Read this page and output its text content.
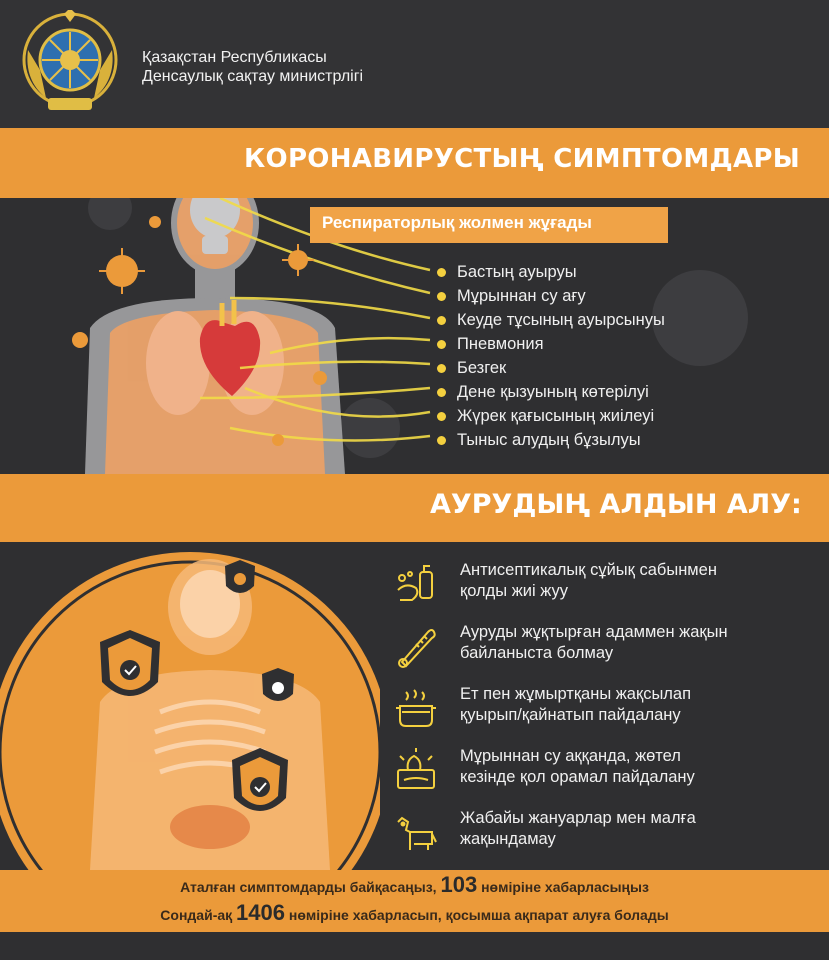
Қазақстан Республикасы
Денсаулық сақтау министрлігі
КОРОНАВИРУСТЫҢ СИМПТОМДАРЫ
Респираторлық жолмен жұғады
Бастың ауыруы
Мұрыннан су ағу
Кеуде тұсының ауырсынуы
Пневмония
Безгек
Дене қызуының көтерілуі
Жүрек қағысының жиілеуі
Тыныс алудың бұзылуы
АУРУДЫҢ АЛДЫН АЛУ:
Антисептикалық сұйық сабынмен
қолды жиі жуу
Ауруды жұқтырған адаммен жақын
байланыста болмау
Ет пен жұмыртқаны жақсылап
қуырып/қайнатып пайдалану
Мұрыннан су аққанда, жөтел
кезінде қол орамал пайдалану
Жабайы жануарлар мен малға
жақындамау
Аталған симптомдарды байқасаңыз, 103 нөміріне хабарласыңыз
Сондай-ақ 1406 нөміріне хабарласып, қосымша ақпарат алуға болады
